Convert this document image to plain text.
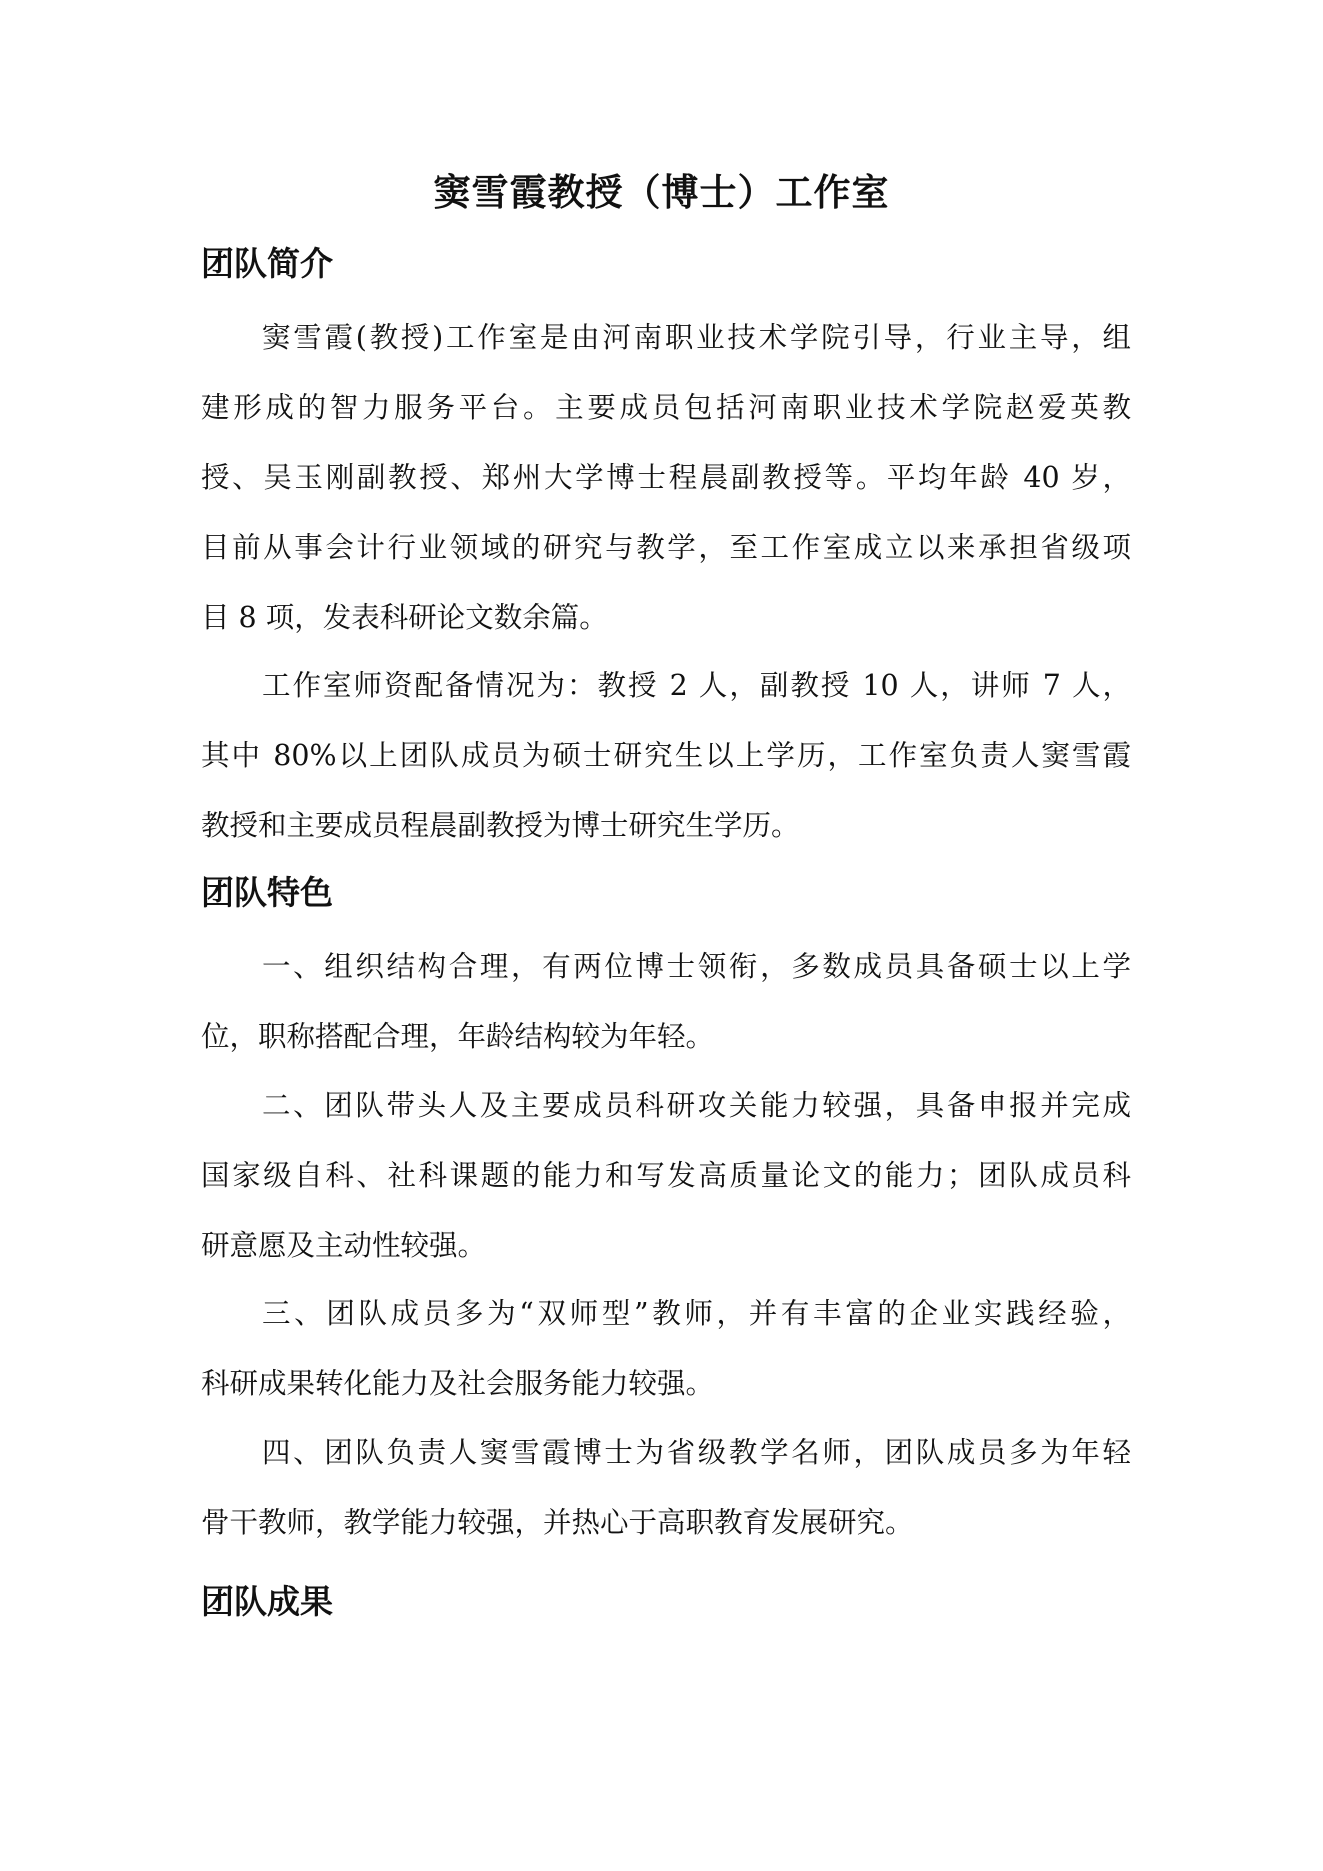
窦雪霞教授（博士）工作室
团队简介
窦雪霞(教授)工作室是由河南职业技术学院引导，行业主导，组
建形成的智力服务平台。主要成员包括河南职业技术学院赵爱英教
授、吴玉刚副教授、郑州大学博士程晨副教授等。平均年龄 40 岁，
目前从事会计行业领域的研究与教学，至工作室成立以来承担省级项
目 8 项，发表科研论文数余篇。
工作室师资配备情况为：教授 2 人，副教授 10 人，讲师 7 人，
其中 80%以上团队成员为硕士研究生以上学历，工作室负责人窦雪霞
教授和主要成员程晨副教授为博士研究生学历。
团队特色
一、组织结构合理，有两位博士领衔，多数成员具备硕士以上学
位，职称搭配合理，年龄结构较为年轻。
二、团队带头人及主要成员科研攻关能力较强，具备申报并完成
国家级自科、社科课题的能力和写发高质量论文的能力；团队成员科
研意愿及主动性较强。
三、团队成员多为“双师型”教师，并有丰富的企业实践经验，
科研成果转化能力及社会服务能力较强。
四、团队负责人窦雪霞博士为省级教学名师，团队成员多为年轻
骨干教师，教学能力较强，并热心于高职教育发展研究。
团队成果
